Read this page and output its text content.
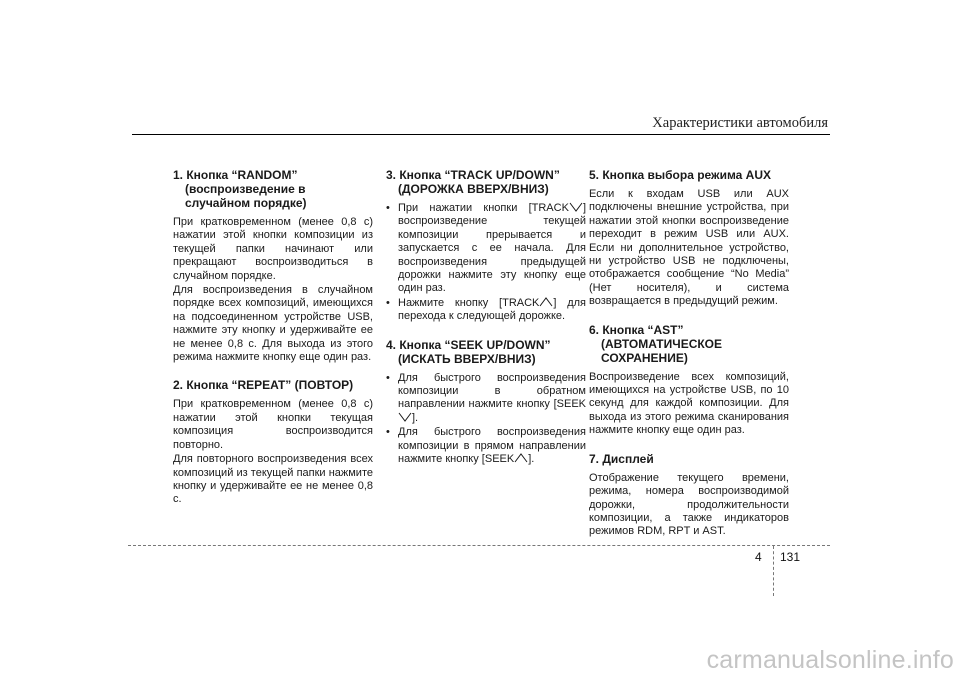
Характеристики автомобиля
1. Кнопка “RANDOM” (воспроизведение в случайном порядке)

При кратковременном (менее 0,8 с) нажатии этой кнопки композиции из текущей папки начинают или прекращают воспроизводиться в случайном порядке.

Для воспроизведения в случайном порядке всех композиций, имеющихся на подсоединенном устройстве USB, нажмите эту кнопку и удерживайте ее не менее 0,8 с. Для выхода из этого режима нажмите кнопку еще один раз.

2. Кнопка “REPEAT” (ПОВТОР)

При кратковременном (менее 0,8 с) нажатии этой кнопки текущая композиция воспроизводится повторно.

Для повторного воспроизведения всех композиций из текущей папки нажмите кнопку и удерживайте ее не менее 0,8 с.

3. Кнопка “TRACK UP/DOWN” (ДОРОЖКА ВВЕРХ/ВНИЗ)
• При нажатии кнопки [TRACK ] воспроизведение текущей композиции прерывается и запускается с ее начала. Для воспроизведения предыдущей дорожки нажмите эту кнопку еще один раз.
• Нажмите кнопку [TRACK ] для перехода к следующей дорожке.
4. Кнопка “SEEK UP/DOWN” (ИСКАТЬ ВВЕРХ/ВНИЗ)
• Для быстрого воспроизведения композиции в обратном направлении нажмите кнопку [SEEK].
• Для быстрого воспроизведения композиции в прямом направлении нажмите кнопку [SEEK ].
5. Кнопка выбора режима AUX

Если к входам USB или AUX подключены внешние устройства, при нажатии этой кнопки воспроизведение переходит в режим USB или AUX. Если ни дополнительное устройство, ни устройство USB не подключены, отображается сообщение “No Media” (Нет носителя), и система возвращается в предыдущий режим.

6. Кнопка “AST” (АВТОМАТИЧЕСКОЕ СОХРАНЕНИЕ)

Воспроизведение всех композиций, имеющихся на устройстве USB, по 10 секунд для каждой композиции. Для выхода из этого режима сканирования нажмите кнопку еще один раз.

7. Дисплей

Отображение текущего времени, режима, номера воспроизводимой дорожки, продолжительности композиции, а также индикаторов режимов RDM, RPT и AST.

4 131
carmanualsonline.info
